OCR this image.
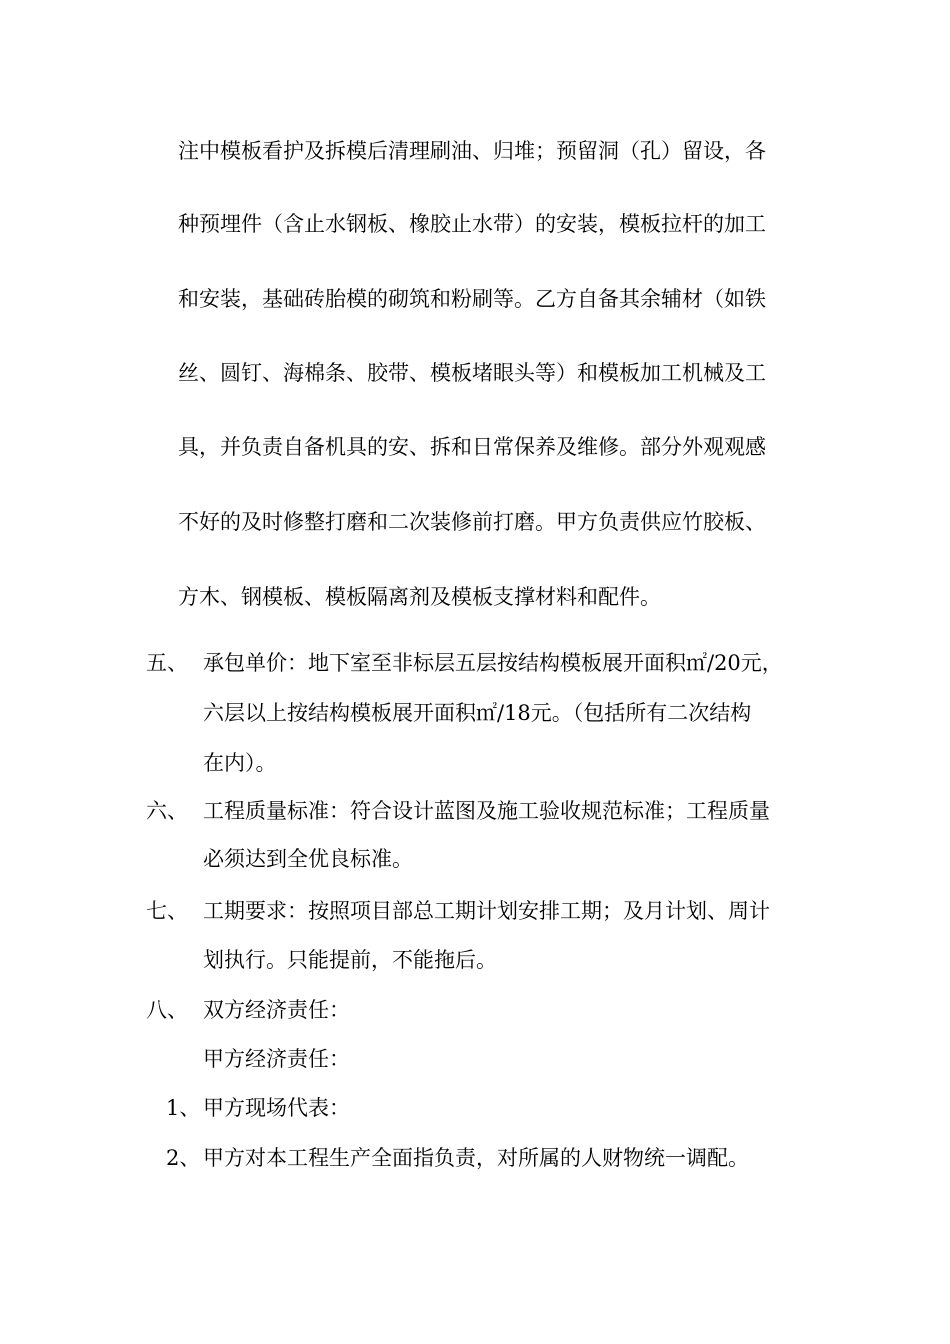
注中模板看护及拆模后清理刷油、归堆；预留洞（孔）留设，各
种预埋件（含止水钢板、橡胶止水带）的安装，模板拉杆的加工
和安装，基础砖胎模的砌筑和粉刷等。乙方自备其余辅材（如铁
丝、圆钉、海棉条、胶带、模板堵眼头等）和模板加工机械及工
具，并负责自备机具的安、拆和日常保养及维修。部分外观观感
不好的及时修整打磨和二次装修前打磨。甲方负责供应竹胶板、
方木、钢模板、模板隔离剂及模板支撑材料和配件。
五、 承包单价：地下室至非标层五层按结构模板展开面积㎡/20元，
六层以上按结构模板展开面积㎡/18元。（包括所有二次结构
在内）。
六、 工程质量标准：符合设计蓝图及施工验收规范标准；工程质量
必须达到全优良标准。
七、 工期要求：按照项目部总工期计划安排工期；及月计划、周计
划执行。只能提前，不能拖后。
八、 双方经济责任：
甲方经济责任：
1、 甲方现场代表：
2、 甲方对本工程生产全面指负责，对所属的人财物统一调配。
